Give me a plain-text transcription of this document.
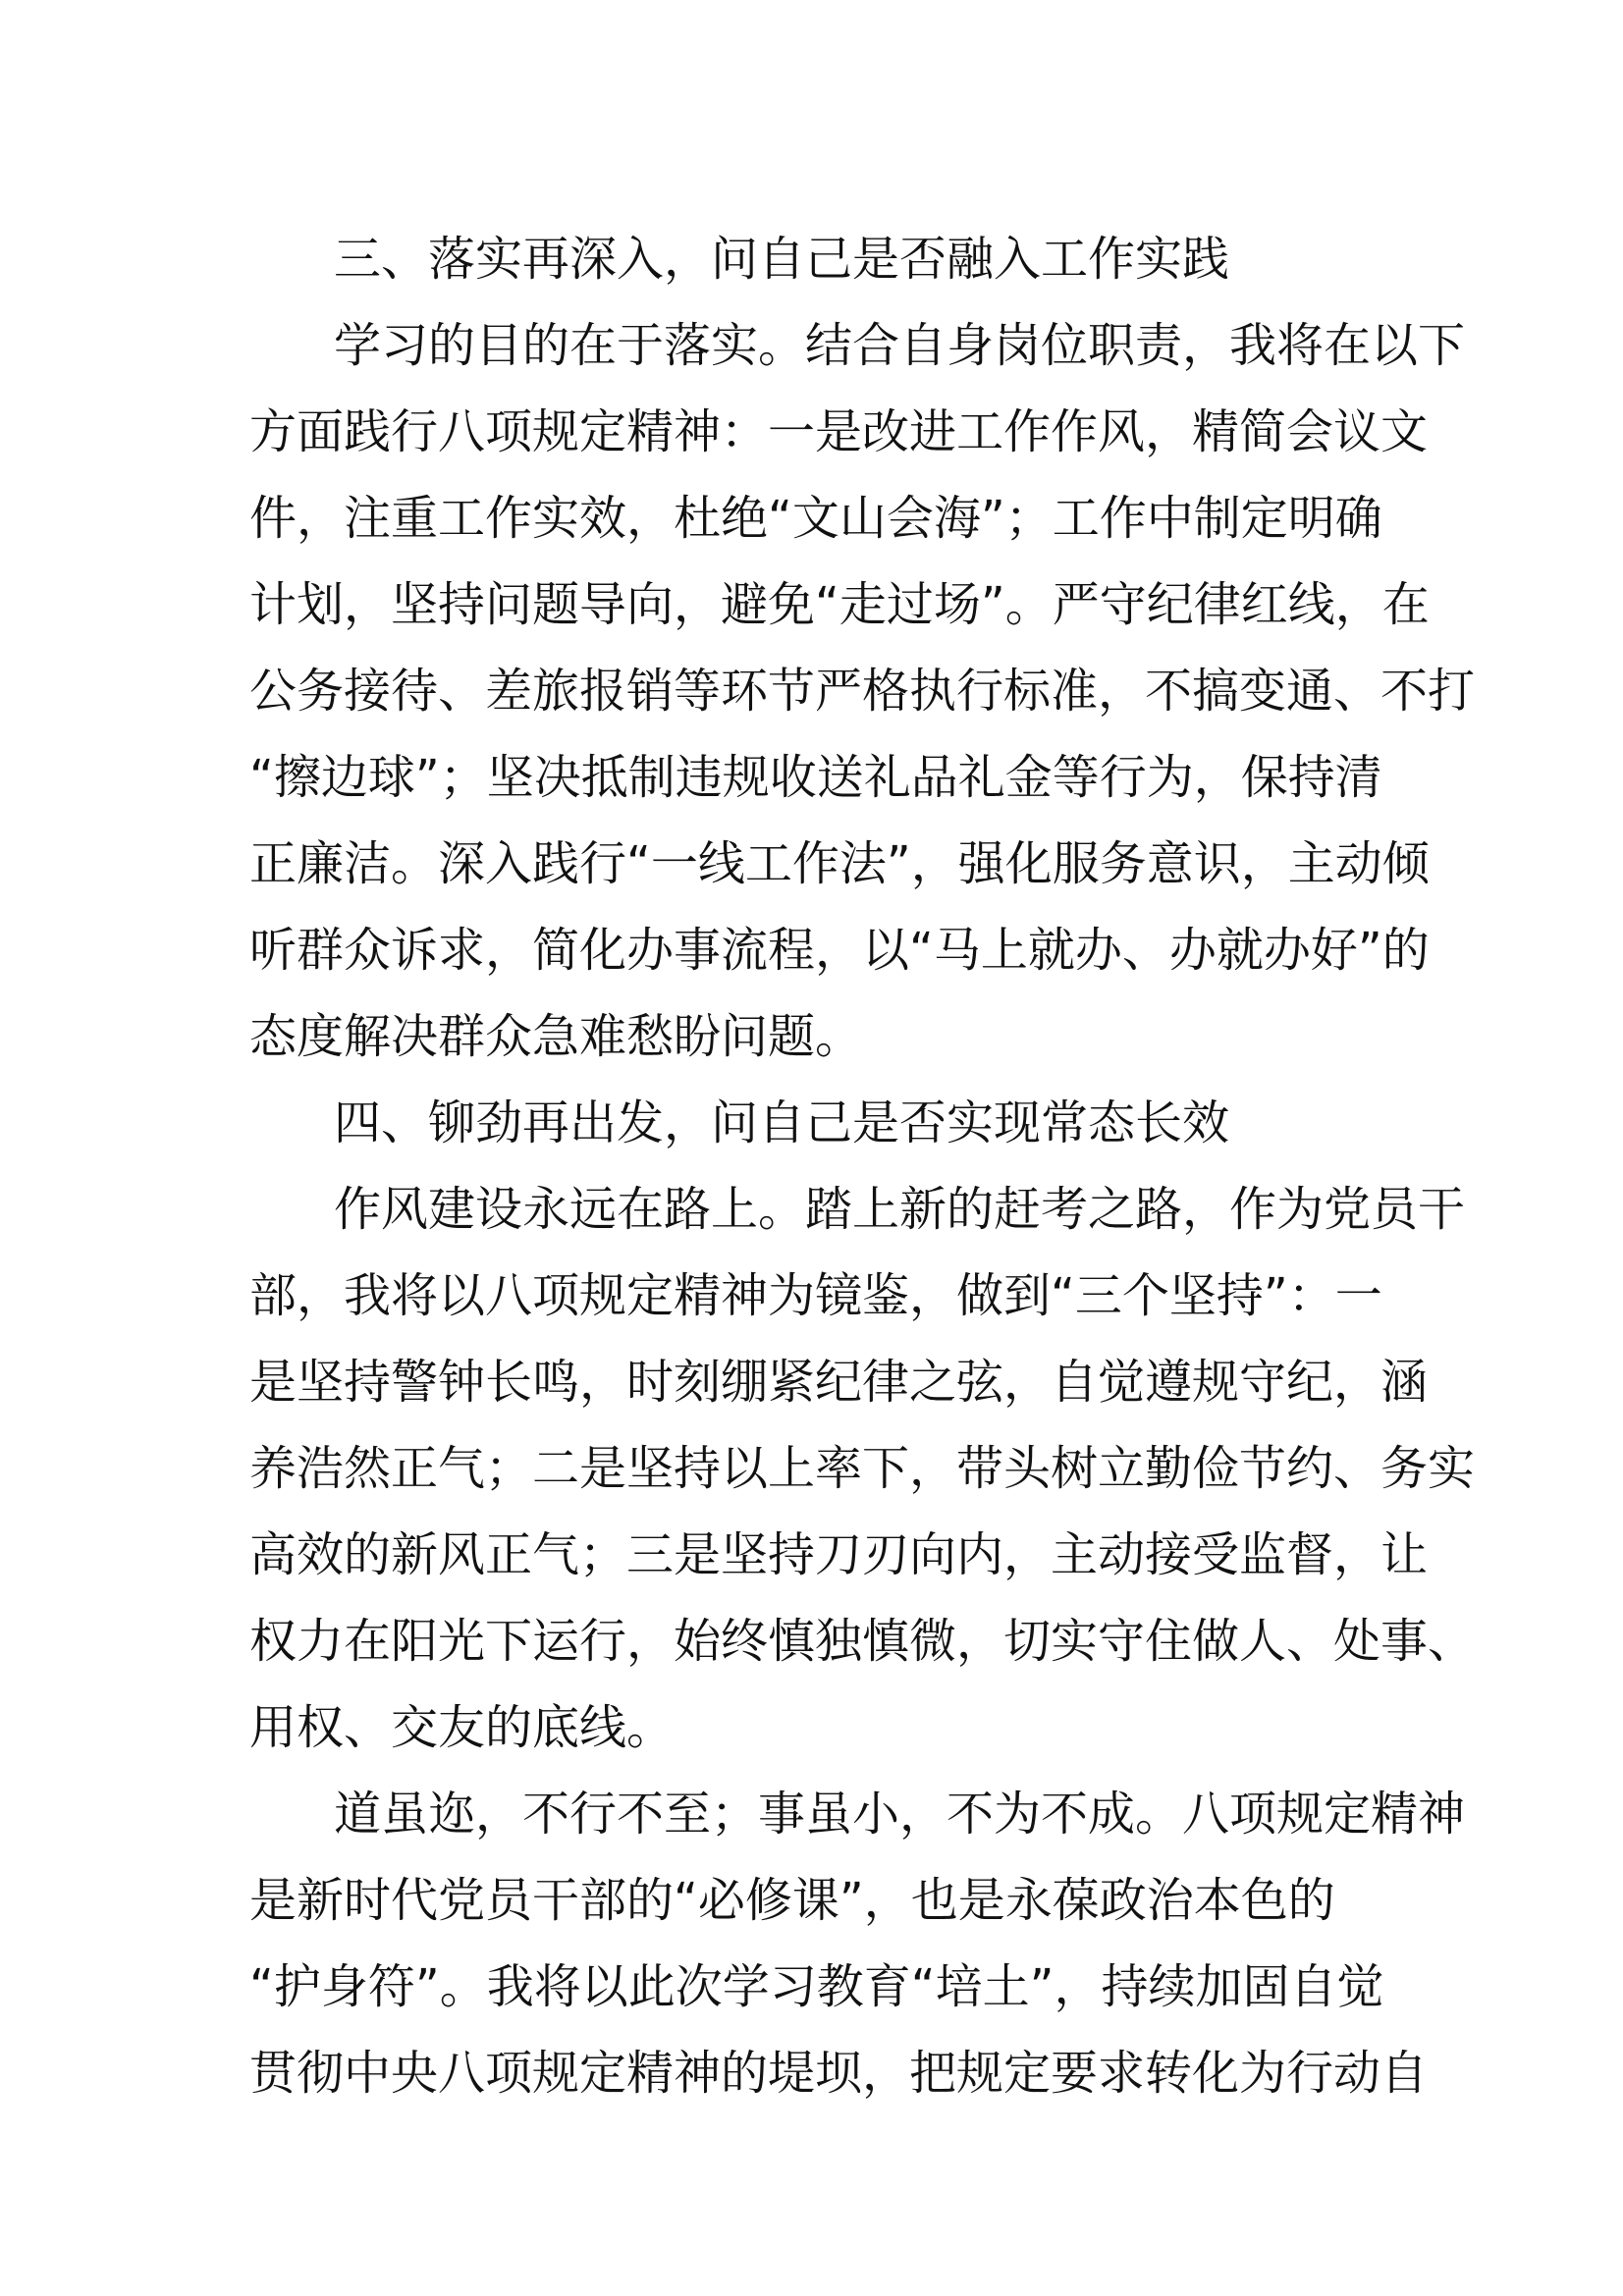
三、落实再深入，问自己是否融入工作实践
学习的目的在于落实。结合自身岗位职责，我将在以下
方面践行八项规定精神：一是改进工作作风，精简会议文
件，注重工作实效，杜绝“文山会海”；工作中制定明确
计划，坚持问题导向，避免“走过场”。严守纪律红线，在
公务接待、差旅报销等环节严格执行标准，不搞变通、不打
“擦边球”；坚决抵制违规收送礼品礼金等行为，保持清
正廉洁。深入践行“一线工作法”，强化服务意识，主动倾
听群众诉求，简化办事流程，以“马上就办、办就办好”的
态度解决群众急难愁盼问题。
四、铆劲再出发，问自己是否实现常态长效
作风建设永远在路上。踏上新的赶考之路，作为党员干
部，我将以八项规定精神为镜鉴，做到“三个坚持”：一
是坚持警钟长鸣，时刻绷紧纪律之弦，自觉遵规守纪，涵
养浩然正气；二是坚持以上率下，带头树立勤俭节约、务实
高效的新风正气；三是坚持刀刃向内，主动接受监督，让
权力在阳光下运行，始终慎独慎微，切实守住做人、处事、
用权、交友的底线。
道虽迩，不行不至；事虽小，不为不成。八项规定精神
是新时代党员干部的“必修课”，也是永葆政治本色的
“护身符”。我将以此次学习教育“培土”，持续加固自觉
贯彻中央八项规定精神的堤坝，把规定要求转化为行动自
